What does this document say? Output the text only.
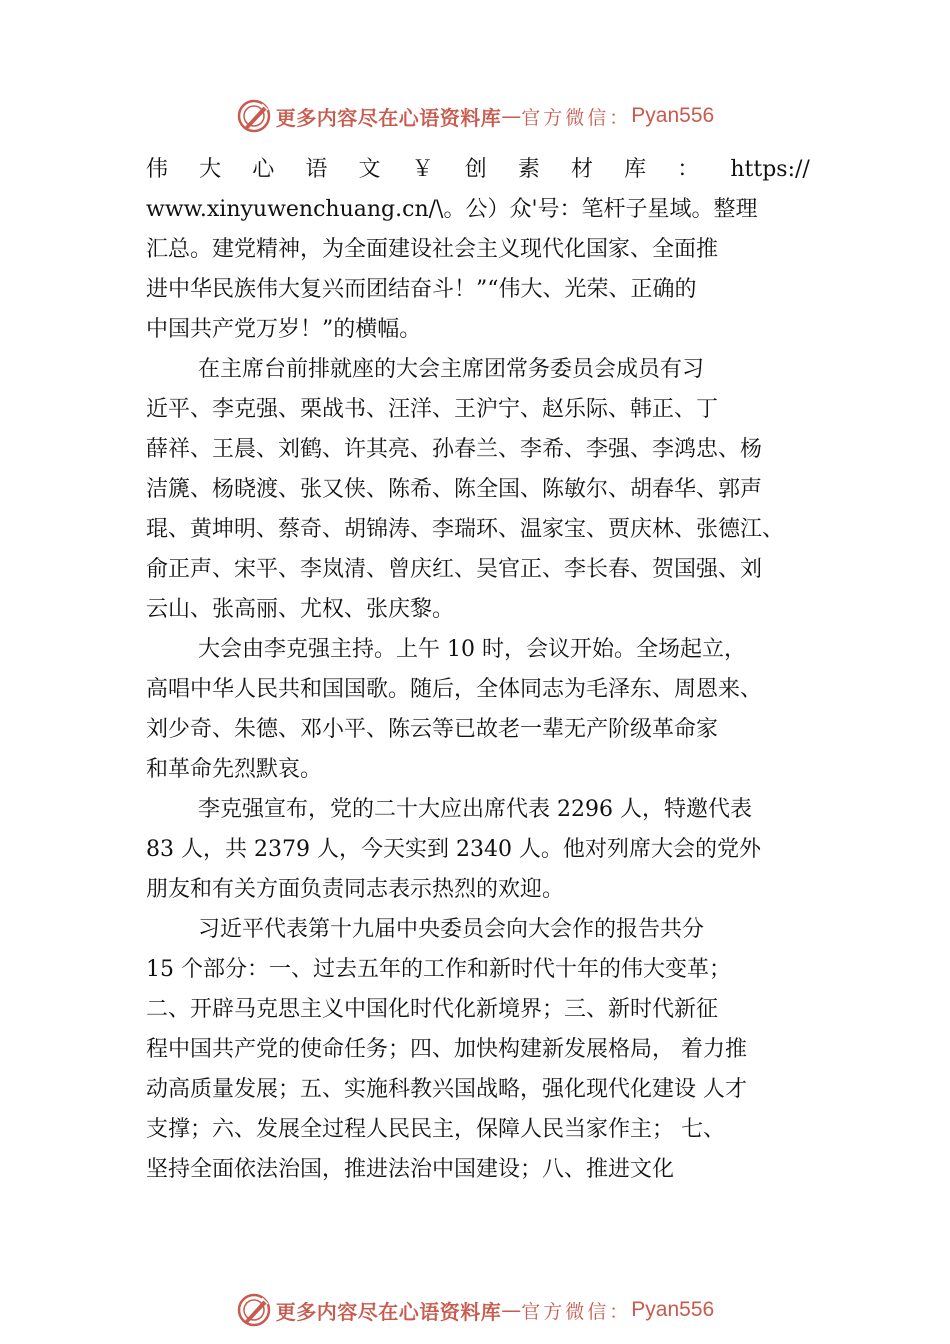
更多内容尽在心语资料库 — 官方微信： Pyan556
伟 大 心 语 文 ￥ 创 素 材 库 ： https://
www.xinyuwenchuang.cn/\。公）众'号：笔杆子星域。整理
汇总。建党精神，为全面建设社会主义现代化国家、全面推
进中华民族伟大复兴而团结奋斗！”“伟大、光荣、正确的
中国共产党万岁！”的横幅。
在主席台前排就座的大会主席团常务委员会成员有习
近平、李克强、栗战书、汪洋、王沪宁、赵乐际、韩正、丁
薛祥、王晨、刘鹤、许其亮、孙春兰、李希、李强、李鸿忠、杨
洁篪、杨晓渡、张又侠、陈希、陈全国、陈敏尔、胡春华、郭声
琨、黄坤明、蔡奇、胡锦涛、李瑞环、温家宝、贾庆林、张德江、
俞正声、宋平、李岚清、曾庆红、吴官正、李长春、贺国强、刘
云山、张高丽、尤权、张庆黎。
大会由李克强主持。上午 10 时，会议开始。全场起立，
高唱中华人民共和国国歌。随后，全体同志为毛泽东、周恩来、
刘少奇、朱德、邓小平、陈云等已故老一辈无产阶级革命家
和革命先烈默哀。
李克强宣布，党的二十大应出席代表 2296 人，特邀代表
83 人，共 2379 人，今天实到 2340 人。他对列席大会的党外
朋友和有关方面负责同志表示热烈的欢迎。
习近平代表第十九届中央委员会向大会作的报告共分
15 个部分：一、过去五年的工作和新时代十年的伟大变革；
二、开辟马克思主义中国化时代化新境界；三、新时代新征
程中国共产党的使命任务；四、加快构建新发展格局， 着力推
动高质量发展；五、实施科教兴国战略，强化现代化建设 人才
支撑；六、发展全过程人民民主，保障人民当家作主； 七、
坚持全面依法治国，推进法治中国建设；八、推进文化
更多内容尽在心语资料库 — 官方微信： Pyan556
